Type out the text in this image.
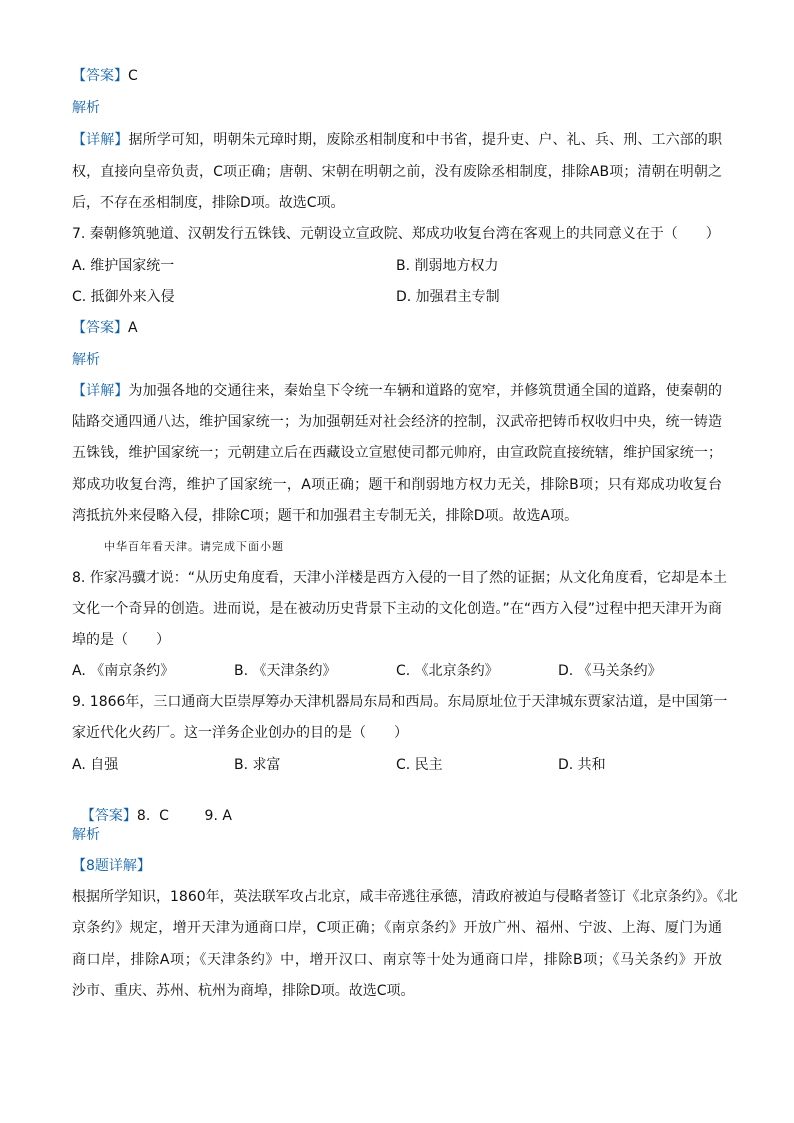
【答案】C
解析
【详解】据所学可知，明朝朱元璋时期，废除丞相制度和中书省，提升吏、户、礼、兵、刑、工六部的职
权，直接向皇帝负责，C项正确；唐朝、宋朝在明朝之前，没有废除丞相制度，排除AB项；清朝在明朝之
后，不存在丞相制度，排除D项。故选C项。
7. 秦朝修筑驰道、汉朝发行五铢钱、元朝设立宣政院、郑成功收复台湾在客观上的共同意义在于（　　）
A. 维护国家统一	B. 削弱地方权力
C. 抵御外来入侵	D. 加强君主专制
【答案】A
解析
【详解】为加强各地的交通往来，秦始皇下令统一车辆和道路的宽窄，并修筑贯通全国的道路，使秦朝的
陆路交通四通八达，维护国家统一；为加强朝廷对社会经济的控制，汉武帝把铸币权收归中央，统一铸造
五铢钱，维护国家统一；元朝建立后在西藏设立宣慰使司都元帅府，由宣政院直接统辖，维护国家统一；
郑成功收复台湾，维护了国家统一，A项正确；题干和削弱地方权力无关，排除B项；只有郑成功收复台
湾抵抗外来侵略入侵，排除C项；题干和加强君主专制无关，排除D项。故选A项。
中华百年看天津。请完成下面小题
8. 作家冯骥才说：“从历史角度看，天津小洋楼是西方入侵的一目了然的证据；从文化角度看，它却是本土
文化一个奇异的创造。进而说，是在被动历史背景下主动的文化创造。”在“西方入侵”过程中把天津开为商
埠的是（　　）
A. 《南京条约》	B. 《天津条约》	C. 《北京条约》	D. 《马关条约》
9. 1866年，三口通商大臣崇厚筹办天津机器局东局和西局。东局原址位于天津城东贾家沽道，是中国第一
家近代化火药厂。这一洋务企业创办的目的是（　　）
A. 自强	B. 求富	C. 民主	D. 共和

【答案】8.  C        9. A

解析
【8题详解】
根据所学知识，1860年，英法联军攻占北京，咸丰帝逃往承德，清政府被迫与侵略者签订《北京条约》。《北
京条约》规定，增开天津为通商口岸，C项正确；《南京条约》开放广州、福州、宁波、上海、厦门为通
商口岸，排除A项；《天津条约》中，增开汉口、南京等十处为通商口岸，排除B项；《马关条约》开放
沙市、重庆、苏州、杭州为商埠，排除D项。故选C项。
